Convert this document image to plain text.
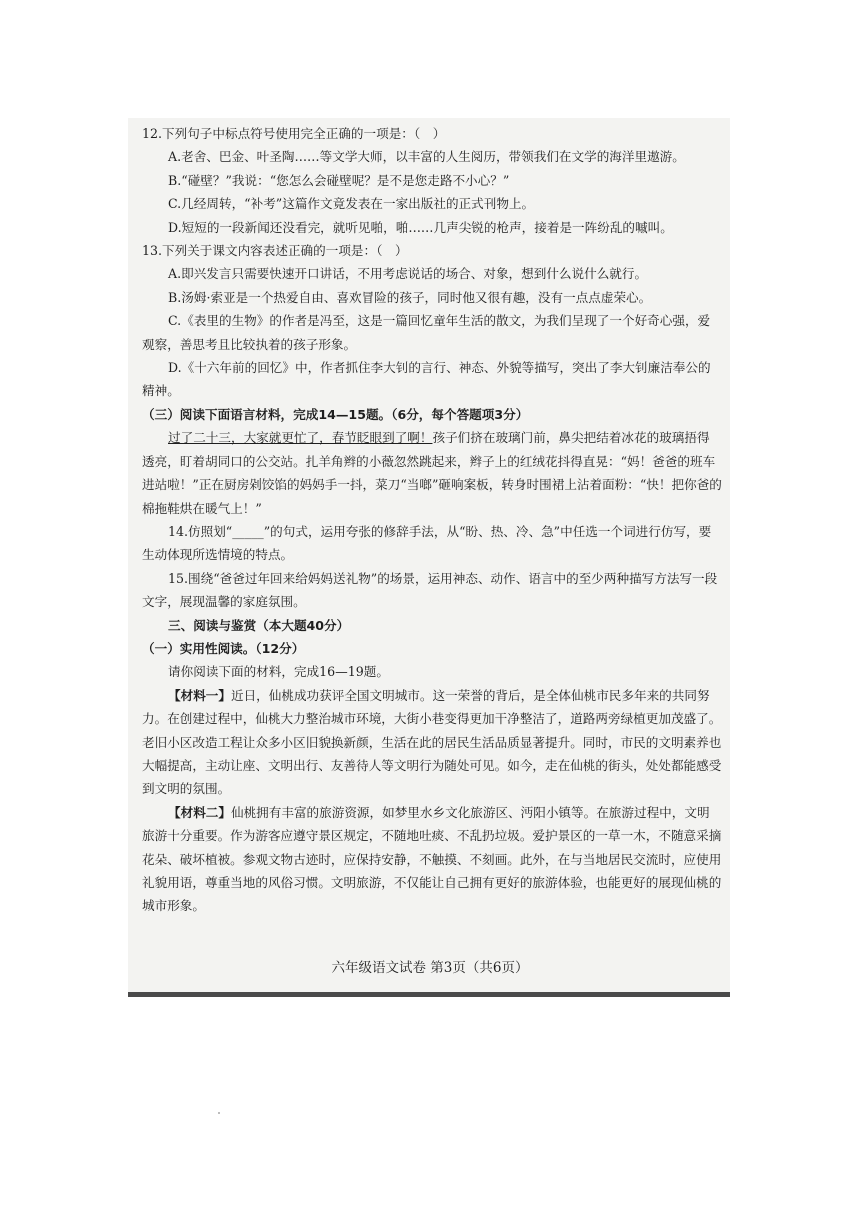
12.下列句子中标点符号使用完全正确的一项是：（　）

A.老舍、巴金、叶圣陶……等文学大师，以丰富的人生阅历，带领我们在文学的海洋里遨游。

B.“碰壁？”我说：“您怎么会碰壁呢？是不是您走路不小心？”

C.几经周转，“补考”这篇作文竟发表在一家出版社的正式刊物上。

D.短短的一段新闻还没看完，就听见啪，啪……几声尖锐的枪声，接着是一阵纷乱的嘁叫。

13.下列关于课文内容表述正确的一项是：（　）

A.即兴发言只需要快速开口讲话，不用考虑说话的场合、对象，想到什么说什么就行。

B.汤姆·索亚是一个热爱自由、喜欢冒险的孩子，同时他又很有趣，没有一点点虚荣心。

C.《表里的生物》的作者是冯至，这是一篇回忆童年生活的散文，为我们呈现了一个好奇心强，爱观察，善思考且比较执着的孩子形象。

D.《十六年前的回忆》中，作者抓住李大钊的言行、神态、外貌等描写，突出了李大钊廉洁奉公的精神。

（三）阅读下面语言材料，完成14—15题。（6分，每个答题项3分）

过了二十三，大家就更忙了，春节眨眼到了啊！孩子们挤在玻璃门前，鼻尖把结着冰花的玻璃捂得透亮，盯着胡同口的公交站。扎羊角辫的小薇忽然跳起来，辫子上的红绒花抖得直晃：“妈！爸爸的班车进站啦！”正在厨房剁饺馅的妈妈手一抖，菜刀“当啷”砸响案板，转身时围裙上沾着面粉：“快！把你爸的棉拖鞋烘在暖气上！”

14.仿照划“_____”的句式，运用夸张的修辞手法，从“盼、热、冷、急”中任选一个词进行仿写，要生动体现所选情境的特点。

15.围绕“爸爸过年回来给妈妈送礼物”的场景，运用神态、动作、语言中的至少两种描写方法写一段文字，展现温馨的家庭氛围。

三、阅读与鉴赏（本大题40分）

（一）实用性阅读。（12分）

请你阅读下面的材料，完成16—19题。

【材料一】近日，仙桃成功获评全国文明城市。这一荣誉的背后，是全体仙桃市民多年来的共同努力。在创建过程中，仙桃大力整治城市环境，大街小巷变得更加干净整洁了，道路两旁绿植更加茂盛了。老旧小区改造工程让众多小区旧貌换新颜，生活在此的居民生活品质显著提升。同时，市民的文明素养也大幅提高，主动让座、文明出行、友善待人等文明行为随处可见。如今，走在仙桃的街头，处处都能感受到文明的氛围。

【材料二】仙桃拥有丰富的旅游资源，如梦里水乡文化旅游区、沔阳小镇等。在旅游过程中，文明旅游十分重要。作为游客应遵守景区规定，不随地吐痰、不乱扔垃圾。爱护景区的一草一木，不随意采摘花朵、破坏植被。参观文物古迹时，应保持安静，不触摸、不刻画。此外，在与当地居民交流时，应使用礼貌用语，尊重当地的风俗习惯。文明旅游，不仅能让自己拥有更好的旅游体验，也能更好的展现仙桃的城市形象。

六年级语文试卷 第3页（共6页）
